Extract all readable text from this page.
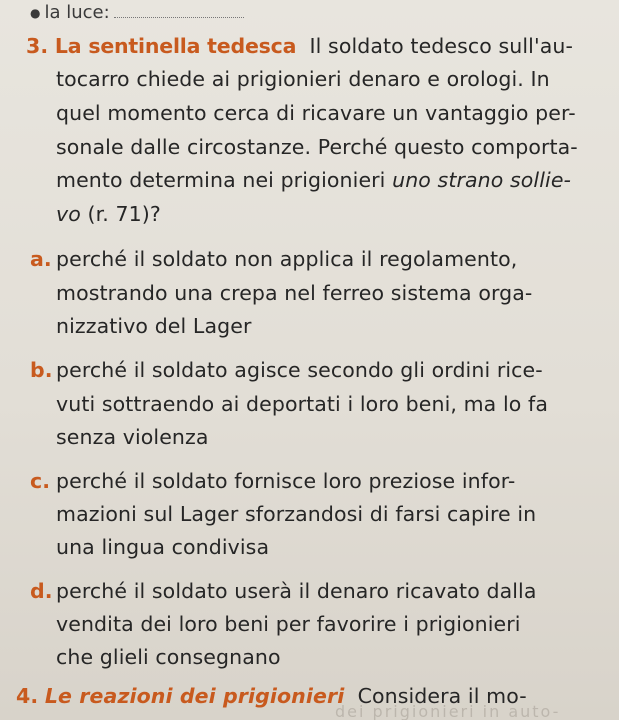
● la luce:
3. La sentinella tedesca Il soldato tedesco sull'au-
tocarro chiede ai prigionieri denaro e orologi. In
quel momento cerca di ricavare un vantaggio per-
sonale dalle circostanze. Perché questo comporta-
mento determina nei prigionieri uno strano sollie-
vo (r. 71)?
a. perché il soldato non applica il regolamento,
mostrando una crepa nel ferreo sistema orga-
nizzativo del Lager
b. perché il soldato agisce secondo gli ordini rice-
vuti sottraendo ai deportati i loro beni, ma lo fa
senza violenza
c. perché il soldato fornisce loro preziose infor-
mazioni sul Lager sforzandosi di farsi capire in
una lingua condivisa
d. perché il soldato userà il denaro ricavato dalla
vendita dei loro beni per favorire i prigionieri
che glieli consegnano
4. Le reazioni dei prigionieri Considera il mo-
dei prigionieri in auto-
